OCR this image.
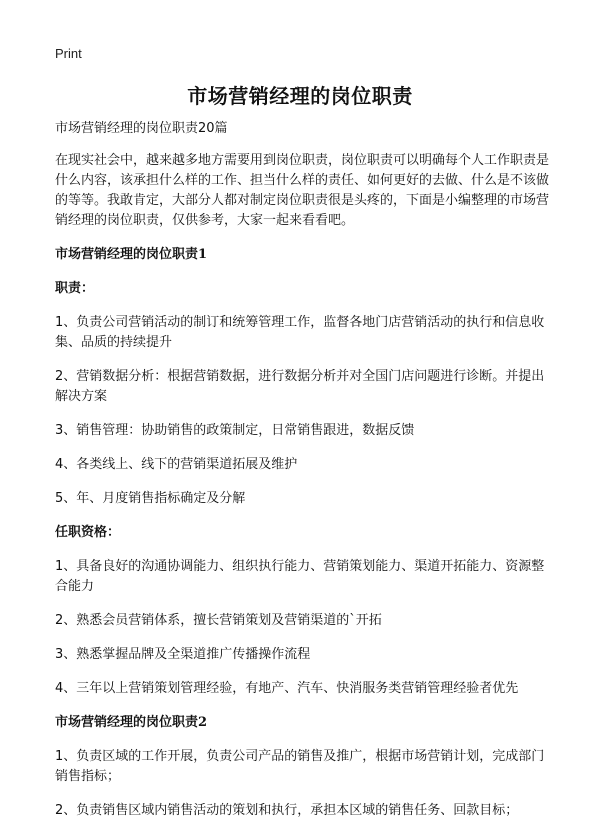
Print
市场营销经理的岗位职责

市场营销经理的岗位职责20篇

在现实社会中，越来越多地方需要用到岗位职责，岗位职责可以明确每个人工作职责是什么内容，该承担什么样的工作、担当什么样的责任、如何更好的去做、什么是不该做的等等。我敢肯定，大部分人都对制定岗位职责很是头疼的，下面是小编整理的市场营销经理的岗位职责，仅供参考，大家一起来看看吧。

市场营销经理的岗位职责1

职责：

1、负责公司营销活动的制订和统筹管理工作，监督各地门店营销活动的执行和信息收集、品质的持续提升

2、营销数据分析：根据营销数据，进行数据分析并对全国门店问题进行诊断。并提出解决方案

3、销售管理：协助销售的政策制定，日常销售跟进，数据反馈

4、各类线上、线下的营销渠道拓展及维护

5、年、月度销售指标确定及分解

任职资格：

1、具备良好的沟通协调能力、组织执行能力、营销策划能力、渠道开拓能力、资源整合能力

2、熟悉会员营销体系，擅长营销策划及营销渠道的`开拓

3、熟悉掌握品牌及全渠道推广传播操作流程

4、三年以上营销策划管理经验，有地产、汽车、快消服务类营销管理经验者优先

市场营销经理的岗位职责2

1、负责区域的工作开展，负责公司产品的销售及推广，根据市场营销计划，完成部门销售指标；

2、负责销售区域内销售活动的策划和执行，承担本区域的销售任务、回款目标；
